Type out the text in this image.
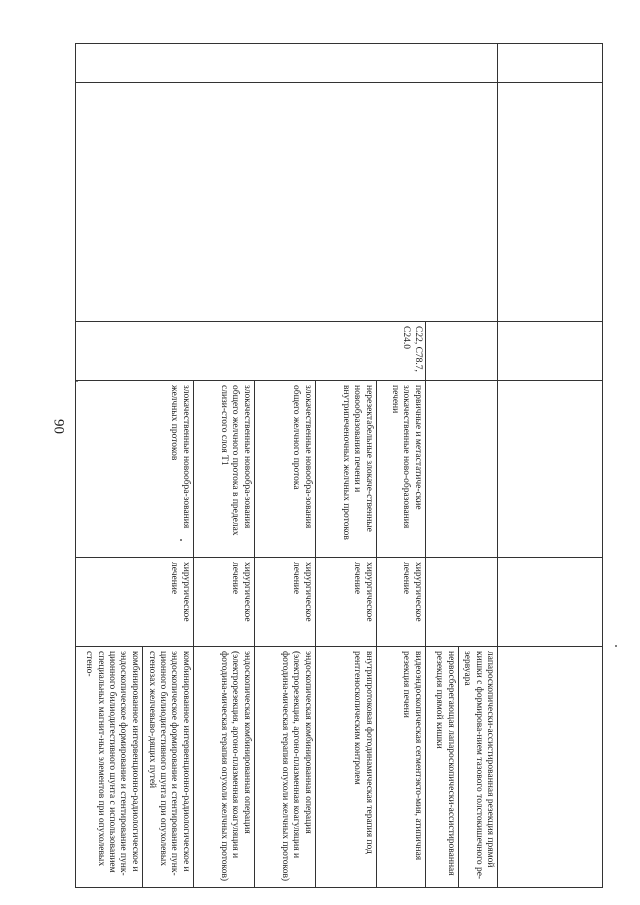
90

					лапароскопически-ассистированная резекция прямой кишки с формирова-нием тазового толстокишечного ре-зервуара
					нервосберегающая лапароскопически-ассистированная резекция прямой кишки
		C22, C78.7, C24.0	первичные и метастатиче-ские злокачественные ново-образования печени	хирургическое лечение	видеоэндоскопическая сегментэкто-мия, атипичная резекция печени
			нерезектабельные злокаче-ственные новообразования печени и внутрипеченочных желчных протоков	хирургическое лечение	внутрипротоковая фотодинамическая терапия под рентгеноскопическим контролем
			злокачественные новообра-зования общего желчного протока	хирургическое лечение	эндоскопическая комбинированная операция (электрорезекция, аргоно-плазменная коагуляция и фотодина-мическая терапия опухоли желчных протоков)
			злокачественные новообра-зования общего желчного протока в пределах слизи-стого слоя T1	хирургическое лечение	эндоскопическая комбинированная операция (электрорезекция, аргоно-плазменная коагуляция и фотодина-мическая терапия опухоли желчных протоков)
			злокачественные новообра-зования желчных протоков	хирургическое лечение	комбинированное интервенционно-радиологическое и эндоскопическое формирование и стентирование пунк-ционного билиодигестивного шунта при опухолевых стенозах желчевыво-дящих путей
					комбинированное интервенционно-радиологическое и эндоскопическое формирование и стентирование пунк-ционного билиодигестивного шунта с использованием специальных магнит-ных элементов при опухолевых стено-
